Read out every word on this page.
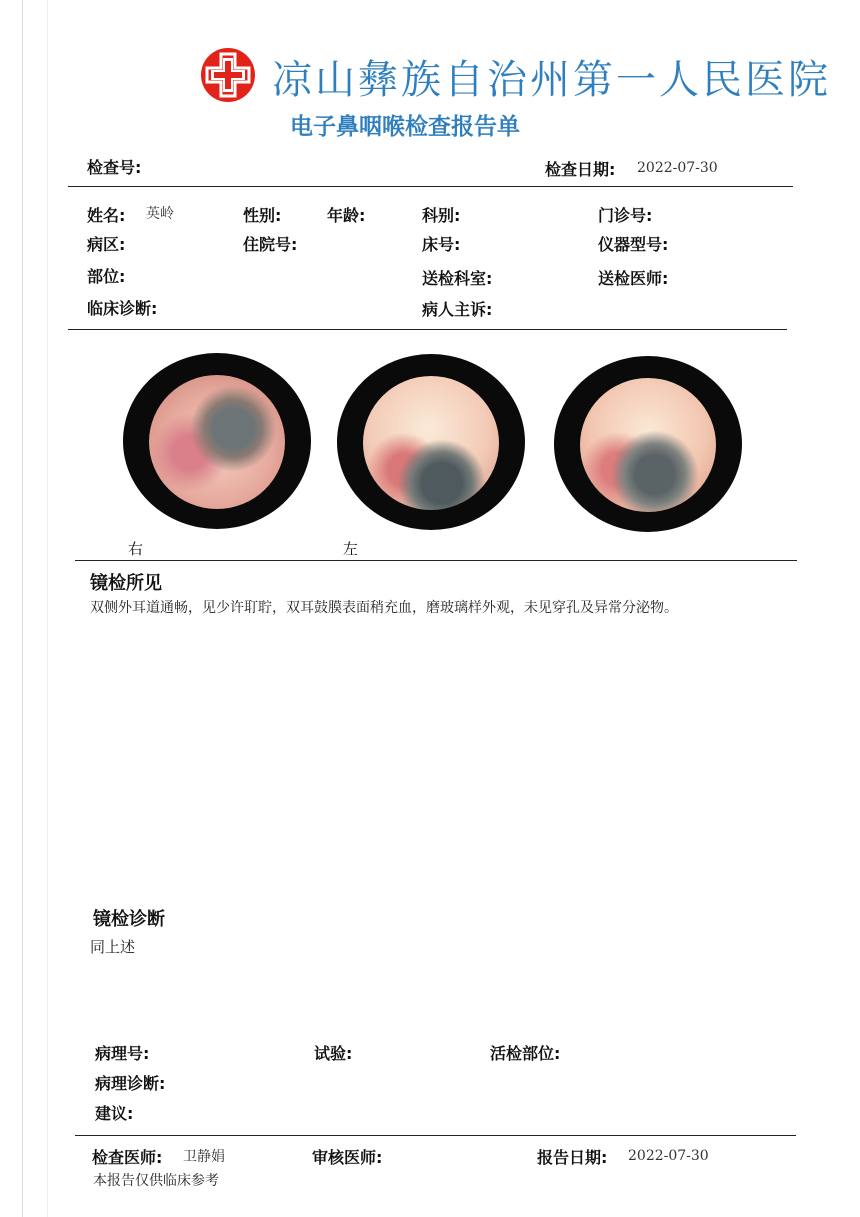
凉山彝族自治州第一人民医院
电子鼻咽喉检查报告单
检查号:	检查日期: 2022-07-30
姓名: 英岭	性别:	年龄:	科别:	门诊号:
病区:	住院号:	床号:	仪器型号:
部位:	送检科室:	送检医师:
临床诊断:	病人主诉:
右	左
镜检所见
双侧外耳道通畅，见少许耵聍，双耳鼓膜表面稍充血，磨玻璃样外观，未见穿孔及异常分泌物。
镜检诊断
同上述
病理号:	试验:	活检部位:
病理诊断:
建议:
检查医师: 卫静娟	审核医师:	报告日期: 2022-07-30
本报告仅供临床参考
